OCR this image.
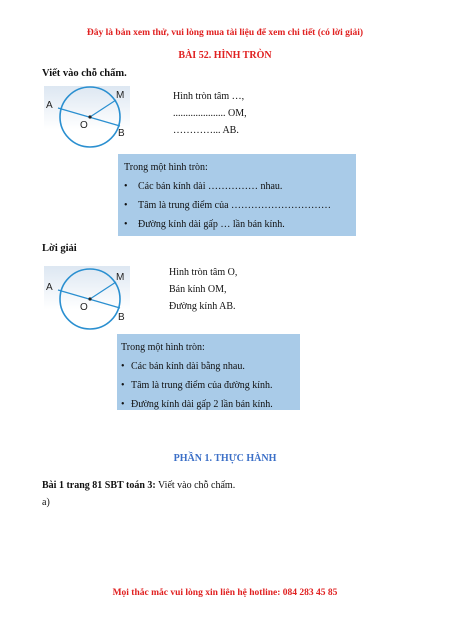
Đây là bản xem thử, vui lòng mua tài liệu để xem chi tiết (có lời giải)
BÀI 52. HÌNH TRÒN
Viết vào chỗ chấm.
A
M
O
B
Hình tròn tâm …,
..................... OM,
…………... AB.
Trong một hình tròn:
• Các bán kính dài …………… nhau.
• Tâm là trung điểm của …………………………
• Đường kính dài gấp … lần bán kính.
Lời giải
A
M
O
B
Hình tròn tâm O,
Bán kính OM,
Đường kính AB.
Trong một hình tròn:
• Các bán kính dài bằng nhau.
• Tâm là trung điểm của đường kính.
• Đường kính dài gấp 2 lần bán kính.
PHẦN 1. THỰC HÀNH
Bài 1 trang 81 SBT toán 3: Viết vào chỗ chấm.
a)
Mọi thắc mắc vui lòng xin liên hệ hotline: 084 283 45 85
